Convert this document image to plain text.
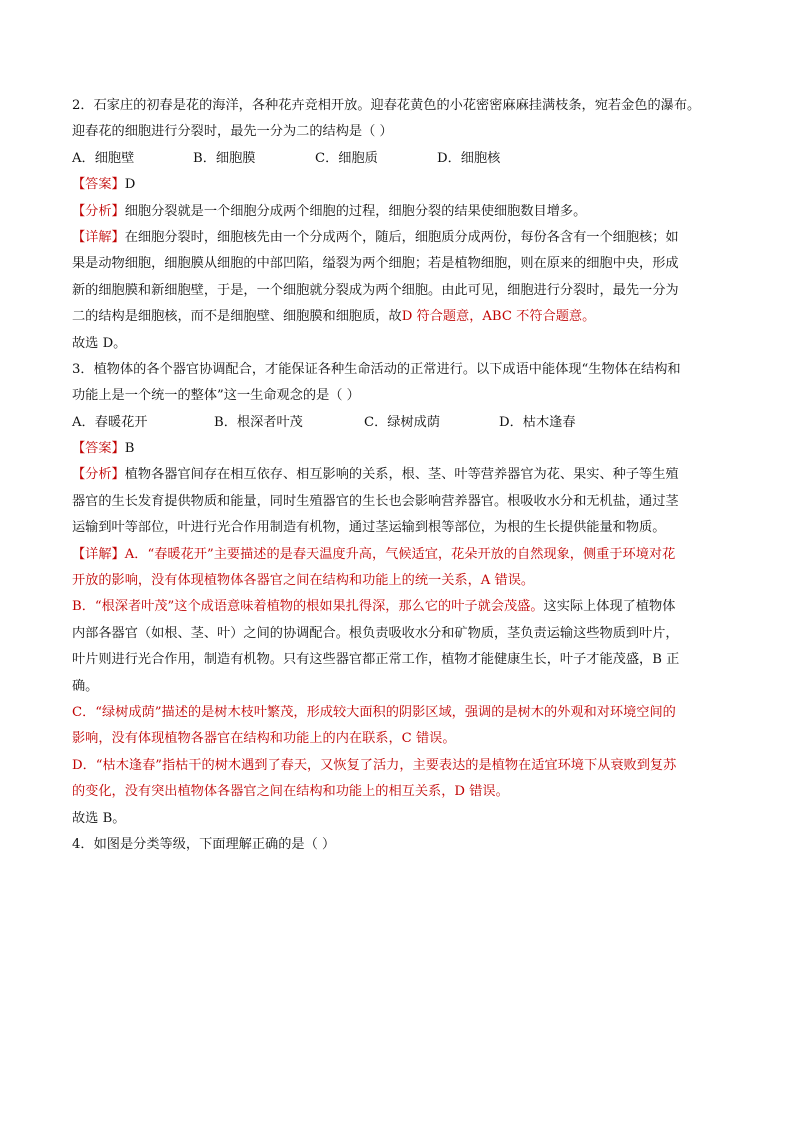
2．石家庄的初春是花的海洋，各种花卉竞相开放。迎春花黄色的小花密密麻麻挂满枝条，宛若金色的瀑布。
迎春花的细胞进行分裂时，最先一分为二的结构是（ ）
A．细胞壁	B．细胞膜	C．细胞质	D．细胞核
【答案】D
【分析】细胞分裂就是一个细胞分成两个细胞的过程，细胞分裂的结果使细胞数目增多。
【详解】在细胞分裂时，细胞核先由一个分成两个，随后，细胞质分成两份，每份各含有一个细胞核；如
果是动物细胞，细胞膜从细胞的中部凹陷，缢裂为两个细胞；若是植物细胞，则在原来的细胞中央，形成
新的细胞膜和新细胞壁，于是，一个细胞就分裂成为两个细胞。由此可见，细胞进行分裂时，最先一分为
二的结构是细胞核，而不是细胞壁、细胞膜和细胞质，故D 符合题意，ABC 不符合题意。
故选 D。
3．植物体的各个器官协调配合，才能保证各种生命活动的正常进行。以下成语中能体现“生物体在结构和
功能上是一个统一的整体”这一生命观念的是（ ）
A．春暖花开	B．根深者叶茂	C．绿树成荫	D．枯木逢春
【答案】B
【分析】植物各器官间存在相互依存、相互影响的关系，根、茎、叶等营养器官为花、果实、种子等生殖
器官的生长发育提供物质和能量，同时生殖器官的生长也会影响营养器官。根吸收水分和无机盐，通过茎
运输到叶等部位，叶进行光合作用制造有机物，通过茎运输到根等部位，为根的生长提供能量和物质。
【详解】A．“春暖花开”主要描述的是春天温度升高，气候适宜，花朵开放的自然现象，侧重于环境对花
开放的影响，没有体现植物体各器官之间在结构和功能上的统一关系，A 错误。
B．“根深者叶茂”这个成语意味着植物的根如果扎得深，那么它的叶子就会茂盛。这实际上体现了植物体
内部各器官（如根、茎、叶）之间的协调配合。根负责吸收水分和矿物质，茎负责运输这些物质到叶片，
叶片则进行光合作用，制造有机物。只有这些器官都正常工作，植物才能健康生长，叶子才能茂盛，B 正
确。
C．“绿树成荫”描述的是树木枝叶繁茂，形成较大面积的阴影区域，强调的是树木的外观和对环境空间的
影响，没有体现植物各器官在结构和功能上的内在联系，C 错误。
D．“枯木逢春”指枯干的树木遇到了春天，又恢复了活力，主要表达的是植物在适宜环境下从衰败到复苏
的变化，没有突出植物体各器官之间在结构和功能上的相互关系，D 错误。
故选 B。
4．如图是分类等级，下面理解正确的是（ ）
